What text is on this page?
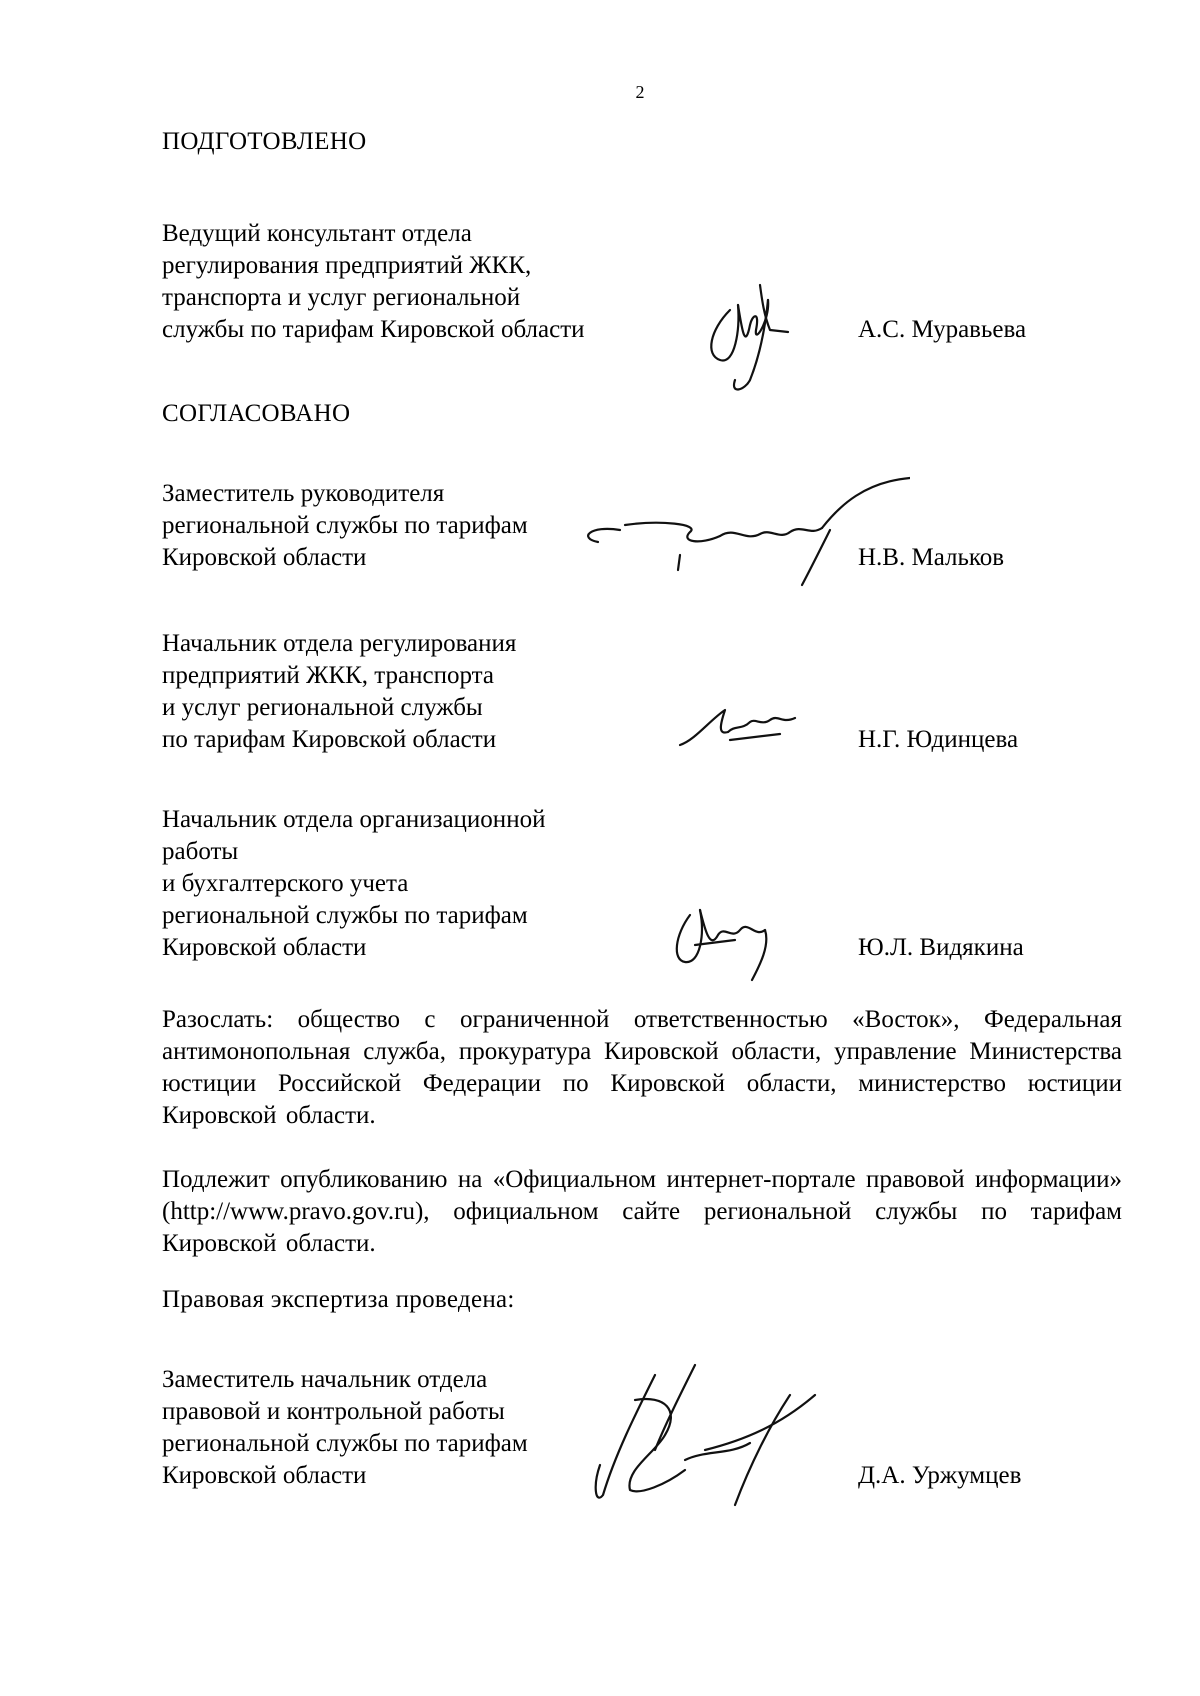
2
ПОДГОТОВЛЕНО
Ведущий консультант отдела
регулирования предприятий ЖКК,
транспорта и услуг региональной
службы по тарифам Кировской области	А.С. Муравьева
СОГЛАСОВАНО
Заместитель руководителя
региональной службы по тарифам
Кировской области	Н.В. Мальков
Начальник отдела регулирования
предприятий ЖКК, транспорта
и услуг региональной службы
по тарифам Кировской области	Н.Г. Юдинцева
Начальник отдела организационной
работы
и бухгалтерского учета
региональной службы по тарифам
Кировской области	Ю.Л. Видякина
Разослать: общество с ограниченной ответственностью «Восток», Федеральная антимонопольная служба, прокуратура Кировской области, управление Министерства юстиции Российской Федерации по Кировской области, министерство юстиции Кировской области.
Подлежит опубликованию на «Официальном интернет-портале правовой информации» (http://www.pravo.gov.ru), официальном сайте региональной службы по тарифам Кировской области.
Правовая экспертиза проведена:
Заместитель начальник отдела
правовой и контрольной работы
региональной службы по тарифам
Кировской области	Д.А. Уржумцев
